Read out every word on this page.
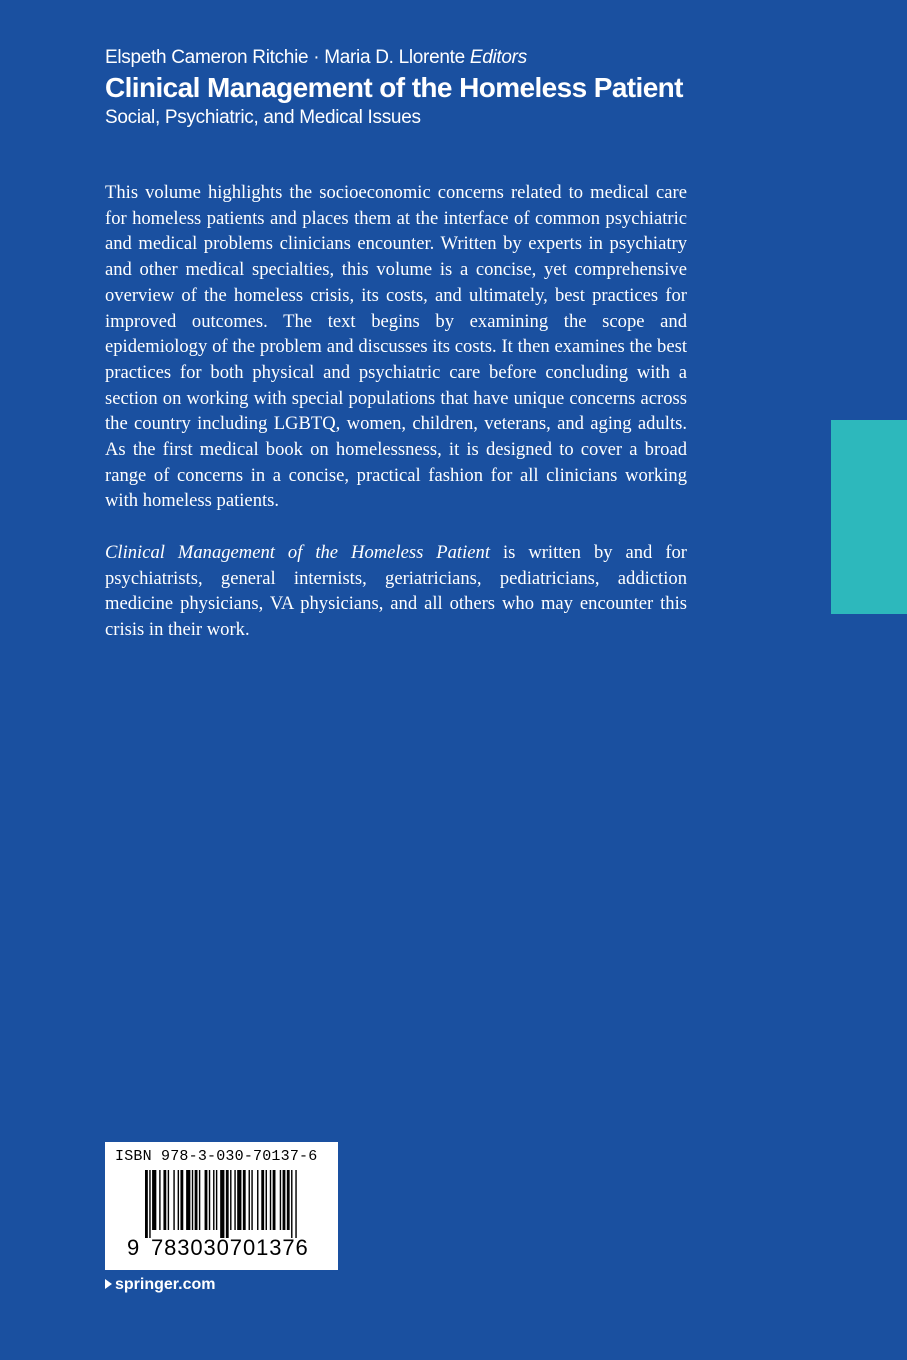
Elspeth Cameron Ritchie · Maria D. Llorente Editors
Clinical Management of the Homeless Patient
Social, Psychiatric, and Medical Issues

This volume highlights the socioeconomic concerns related to medical care for homeless patients and places them at the interface of common psychiatric and medical problems clinicians encounter. Written by experts in psychiatry and other medical specialties, this volume is a concise, yet comprehensive overview of the homeless crisis, its costs, and ultimately, best practices for improved outcomes. The text begins by examining the scope and epidemiology of the problem and discusses its costs. It then examines the best practices for both physical and psychiatric care before concluding with a section on working with special populations that have unique concerns across the country including LGBTQ, women, children, veterans, and aging adults. As the first medical book on homelessness, it is designed to cover a broad range of concerns in a concise, practical fashion for all clinicians working with homeless patients.

Clinical Management of the Homeless Patient is written by and for psychiatrists, general internists, geriatricians, pediatricians, addiction medicine physicians, VA physicians, and all others who may encounter this crisis in their work.

ISBN 978-3-030-70137-6
9 783030701376
springer.com
